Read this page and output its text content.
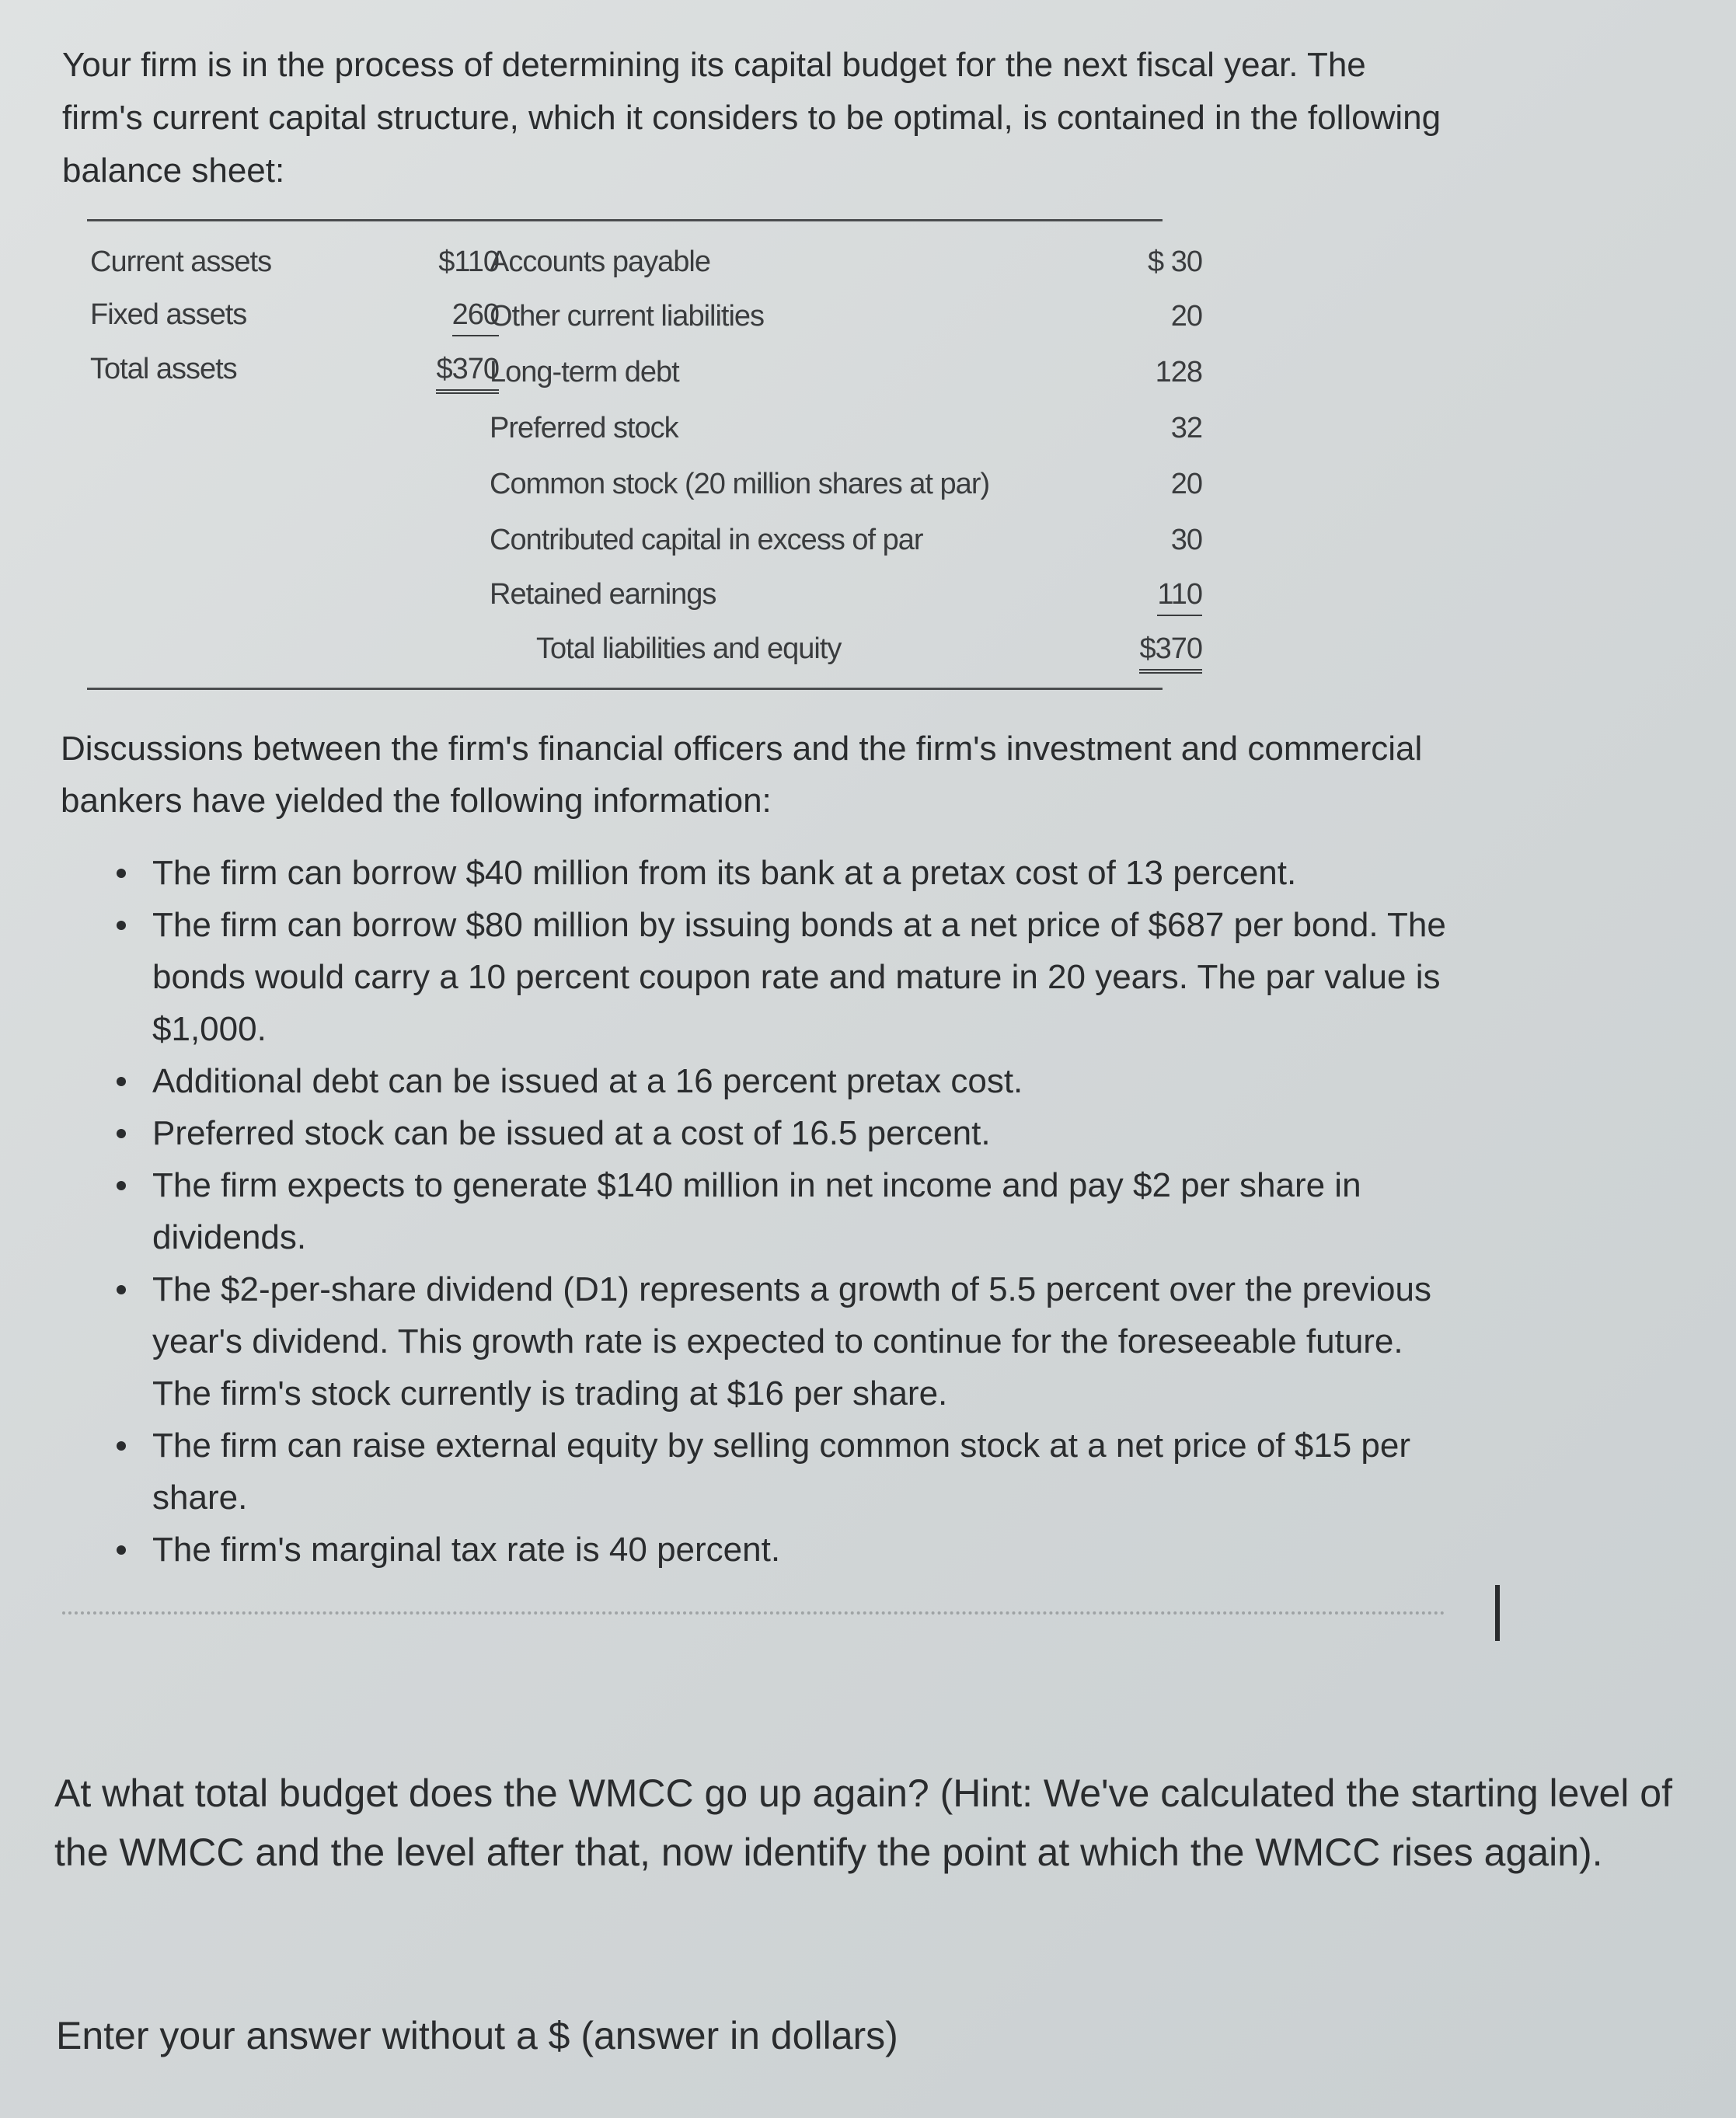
Your firm is in the process of determining its capital budget for the next fiscal year. The firm's current capital structure, which it considers to be optimal, is contained in the following balance sheet:

Current assets	$110
Fixed assets	260
Total assets	$370
Accounts payable	$ 30
Other current liabilities	20
Long-term debt	128
Preferred stock	32
Common stock (20 million shares at par)	20
Contributed capital in excess of par	30
Retained earnings	110
Total liabilities and equity	$370

Discussions between the firm's financial officers and the firm's investment and commercial bankers have yielded the following information:

The firm can borrow $40 million from its bank at a pretax cost of 13 percent.
The firm can borrow $80 million by issuing bonds at a net price of $687 per bond. The bonds would carry a 10 percent coupon rate and mature in 20 years. The par value is $1,000.
Additional debt can be issued at a 16 percent pretax cost.
Preferred stock can be issued at a cost of 16.5 percent.
The firm expects to generate $140 million in net income and pay $2 per share in dividends.
The $2-per-share dividend (D1) represents a growth of 5.5 percent over the previous year's dividend. This growth rate is expected to continue for the foreseeable future. The firm's stock currently is trading at $16 per share.
The firm can raise external equity by selling common stock at a net price of $15 per share.
The firm's marginal tax rate is 40 percent.

At what total budget does the WMCC go up again? (Hint: We've calculated the starting level of the WMCC and the level after that, now identify the point at which the WMCC rises again).

Enter your answer without a $ (answer in dollars)
